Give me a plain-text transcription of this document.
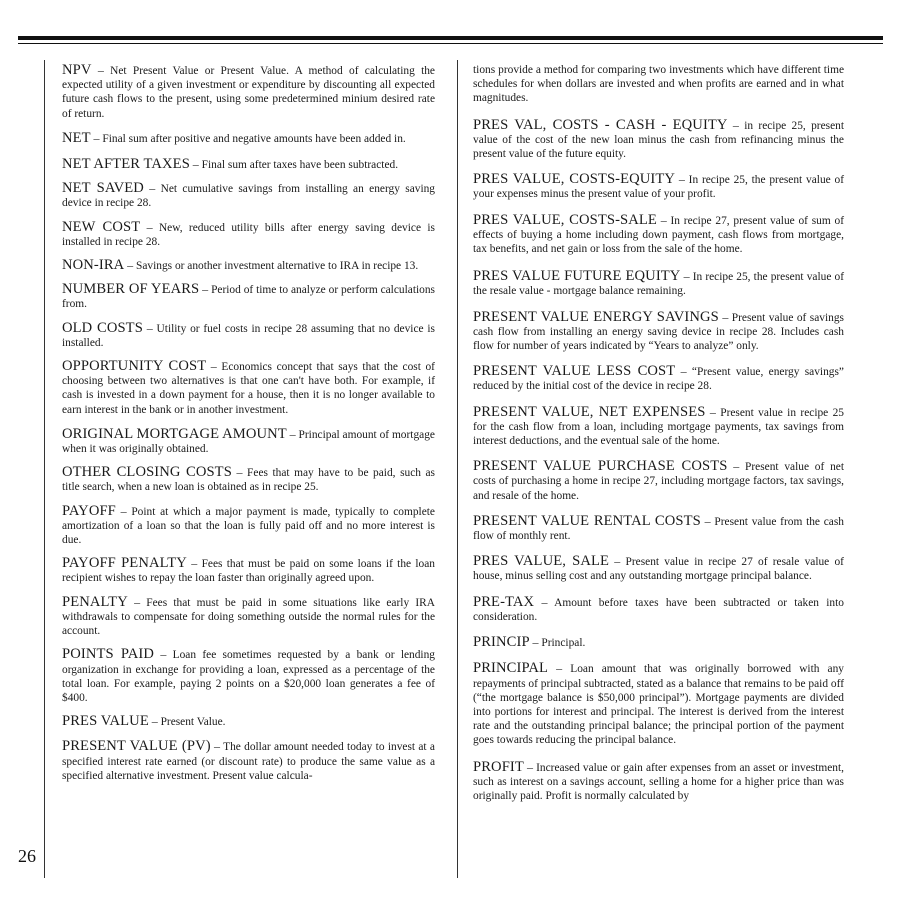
NPV – Net Present Value or Present Value. A method of calculating the expected utility of a given investment or expenditure by discounting all expected future cash flows to the present, using some predetermined minium desired rate of return.
NET – Final sum after positive and negative amounts have been added in.
NET AFTER TAXES – Final sum after taxes have been subtracted.
NET SAVED – Net cumulative savings from installing an energy saving device in recipe 28.
NEW COST – New, reduced utility bills after energy saving device is installed in recipe 28.
NON-IRA – Savings or another investment alternative to IRA in recipe 13.
NUMBER OF YEARS – Period of time to analyze or perform calculations from.
OLD COSTS – Utility or fuel costs in recipe 28 assuming that no device is installed.
OPPORTUNITY COST – Economics concept that says that the cost of choosing between two alternatives is that one can't have both. For example, if cash is invested in a down payment for a house, then it is no longer available to earn interest in the bank or in another investment.
ORIGINAL MORTGAGE AMOUNT – Principal amount of mortgage when it was originally obtained.
OTHER CLOSING COSTS – Fees that may have to be paid, such as title search, when a new loan is obtained as in recipe 25.
PAYOFF – Point at which a major payment is made, typically to complete amortization of a loan so that the loan is fully paid off and no more interest is due.
PAYOFF PENALTY – Fees that must be paid on some loans if the loan recipient wishes to repay the loan faster than originally agreed upon.
PENALTY – Fees that must be paid in some situations like early IRA withdrawals to compensate for doing something outside the normal rules for the account.
POINTS PAID – Loan fee sometimes requested by a bank or lending organization in exchange for providing a loan, expressed as a percentage of the total loan. For example, paying 2 points on a $20,000 loan generates a fee of $400.
PRES VALUE – Present Value.
PRESENT VALUE (PV) – The dollar amount needed today to invest at a specified interest rate earned (or discount rate) to produce the same value as a specified alternative investment. Present value calcula-
tions provide a method for comparing two investments which have different time schedules for when dollars are invested and when profits are earned and in what magnitudes.
PRES VAL, COSTS - CASH - EQUITY – in recipe 25, present value of the cost of the new loan minus the cash from refinancing minus the present value of the future equity.
PRES VALUE, COSTS-EQUITY – In recipe 25, the present value of your expenses minus the present value of your profit.
PRES VALUE, COSTS-SALE – In recipe 27, present value of sum of effects of buying a home including down payment, cash flows from mortgage, tax benefits, and net gain or loss from the sale of the home.
PRES VALUE FUTURE EQUITY – In recipe 25, the present value of the resale value - mortgage balance remaining.
PRESENT VALUE ENERGY SAVINGS – Present value of savings cash flow from installing an energy saving device in recipe 28. Includes cash flow for number of years indicated by “Years to analyze” only.
PRESENT VALUE LESS COST – “Present value, energy savings” reduced by the initial cost of the device in recipe 28.
PRESENT VALUE, NET EXPENSES – Present value in recipe 25 for the cash flow from a loan, including mortgage payments, tax savings from interest deductions, and the eventual sale of the home.
PRESENT VALUE PURCHASE COSTS – Present value of net costs of purchasing a home in recipe 27, including mortgage factors, tax savings, and resale of the home.
PRESENT VALUE RENTAL COSTS – Present value from the cash flow of monthly rent.
PRES VALUE, SALE – Present value in recipe 27 of resale value of house, minus selling cost and any outstanding mortgage principal balance.
PRE-TAX – Amount before taxes have been subtracted or taken into consideration.
PRINCIP – Principal.
PRINCIPAL – Loan amount that was originally borrowed with any repayments of principal subtracted, stated as a balance that remains to be paid off (“the mortgage balance is $50,000 principal”). Mortgage payments are divided into portions for interest and principal. The interest is derived from the interest rate and the outstanding principal balance; the principal portion of the payment goes towards reducing the principal balance.
PROFIT – Increased value or gain after expenses from an asset or investment, such as interest on a savings account, selling a home for a higher price than was originally paid. Profit is normally calculated by
26
